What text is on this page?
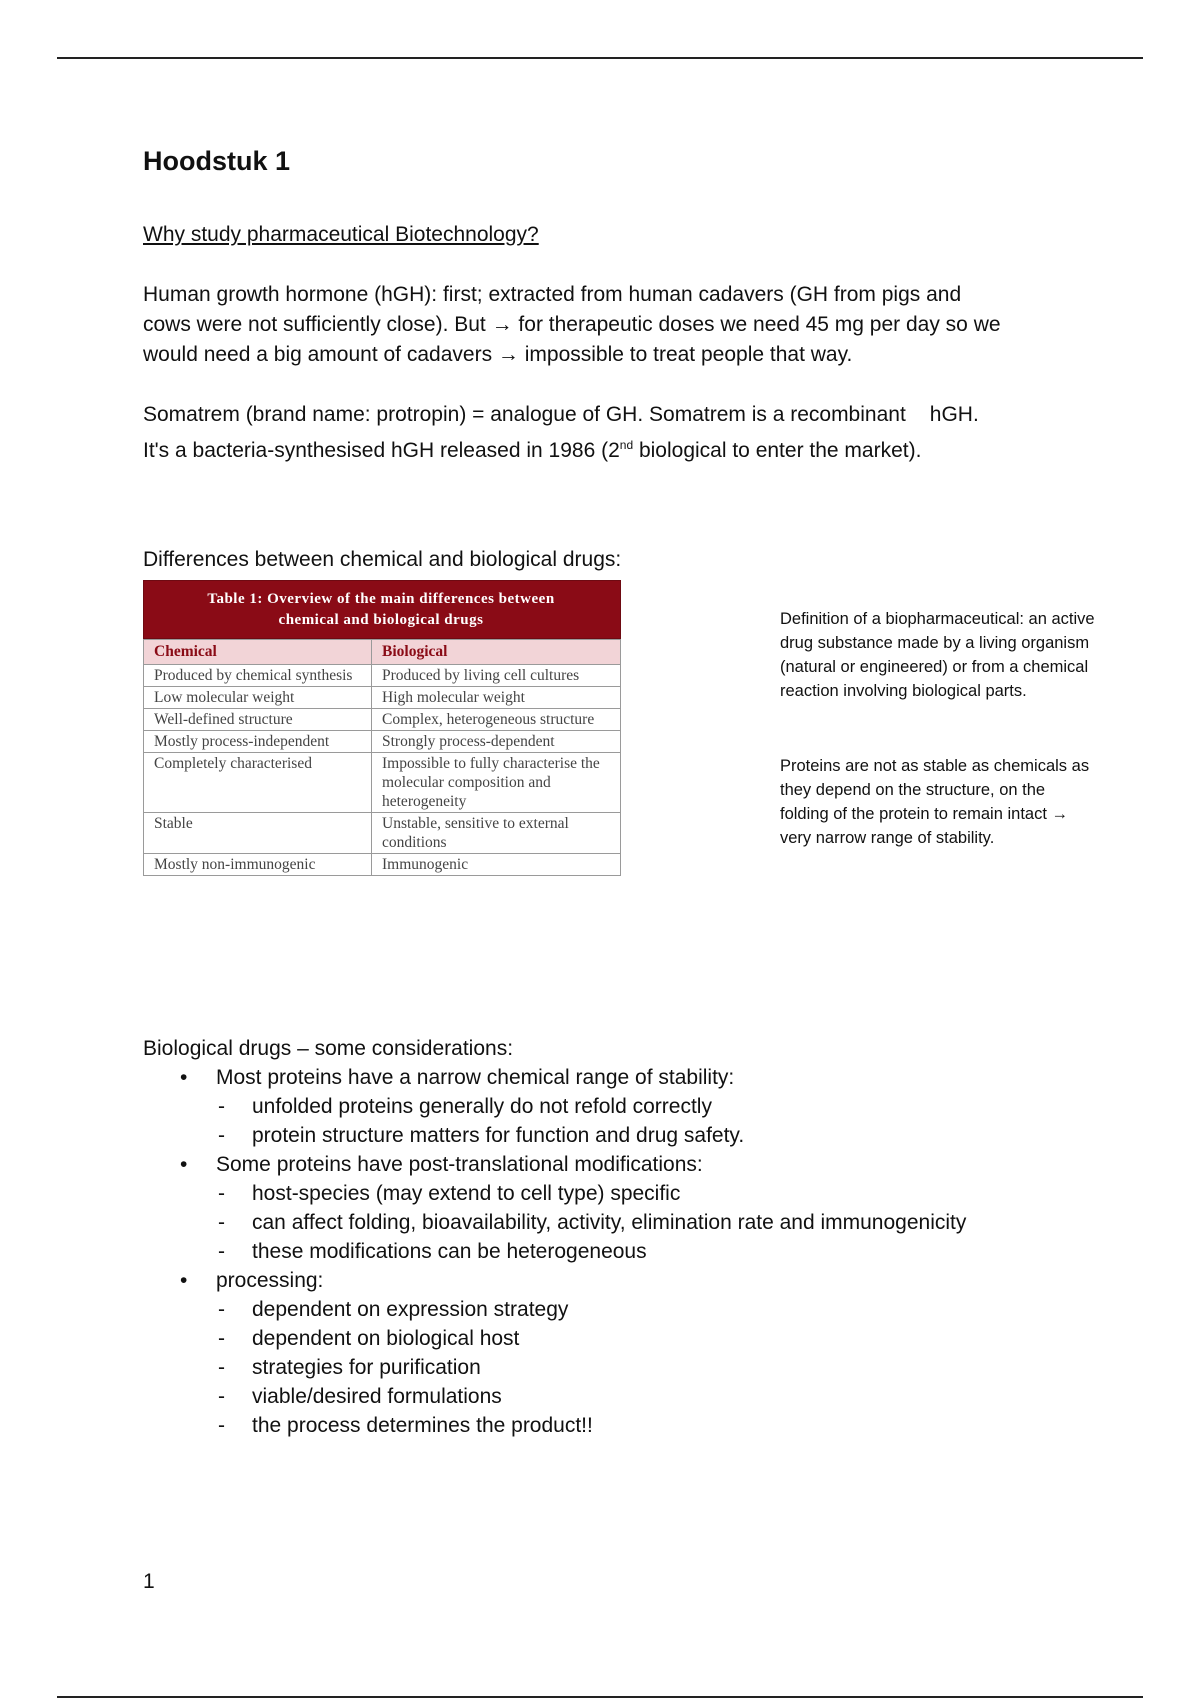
Hoodstuk 1

Why study pharmaceutical Biotechnology?

Human growth hormone (hGH): first; extracted from human cadavers (GH from pigs and
cows were not sufficiently close). But → for therapeutic doses we need 45 mg per day so we
would need a big amount of cadavers → impossible to treat people that way.

Somatrem (brand name: protropin) = analogue of GH. Somatrem is a recombinant hGH.
It's a bacteria-synthesised hGH released in 1986 (2nd biological to enter the market).

Differences between chemical and biological drugs:

Table 1: Overview of the main differences between
chemical and biological drugs
Chemical	Biological
Produced by chemical synthesis	Produced by living cell cultures
Low molecular weight	High molecular weight
Well-defined structure	Complex, heterogeneous structure
Mostly process-independent	Strongly process-dependent
Completely characterised	Impossible to fully characterise the molecular composition and heterogeneity
Stable	Unstable, sensitive to external conditions
Mostly non-immunogenic	Immunogenic

Definition of a biopharmaceutical: an active
drug substance made by a living organism
(natural or engineered) or from a chemical
reaction involving biological parts.

Proteins are not as stable as chemicals as
they depend on the structure, on the
folding of the protein to remain intact →
very narrow range of stability.

Biological drugs – some considerations:

• Most proteins have a narrow chemical range of stability:
- unfolded proteins generally do not refold correctly
- protein structure matters for function and drug safety.
• Some proteins have post-translational modifications:
- host-species (may extend to cell type) specific
- can affect folding, bioavailability, activity, elimination rate and immunogenicity
- these modifications can be heterogeneous
• processing:
- dependent on expression strategy
- dependent on biological host
- strategies for purification
- viable/desired formulations
- the process determines the product!!

1
